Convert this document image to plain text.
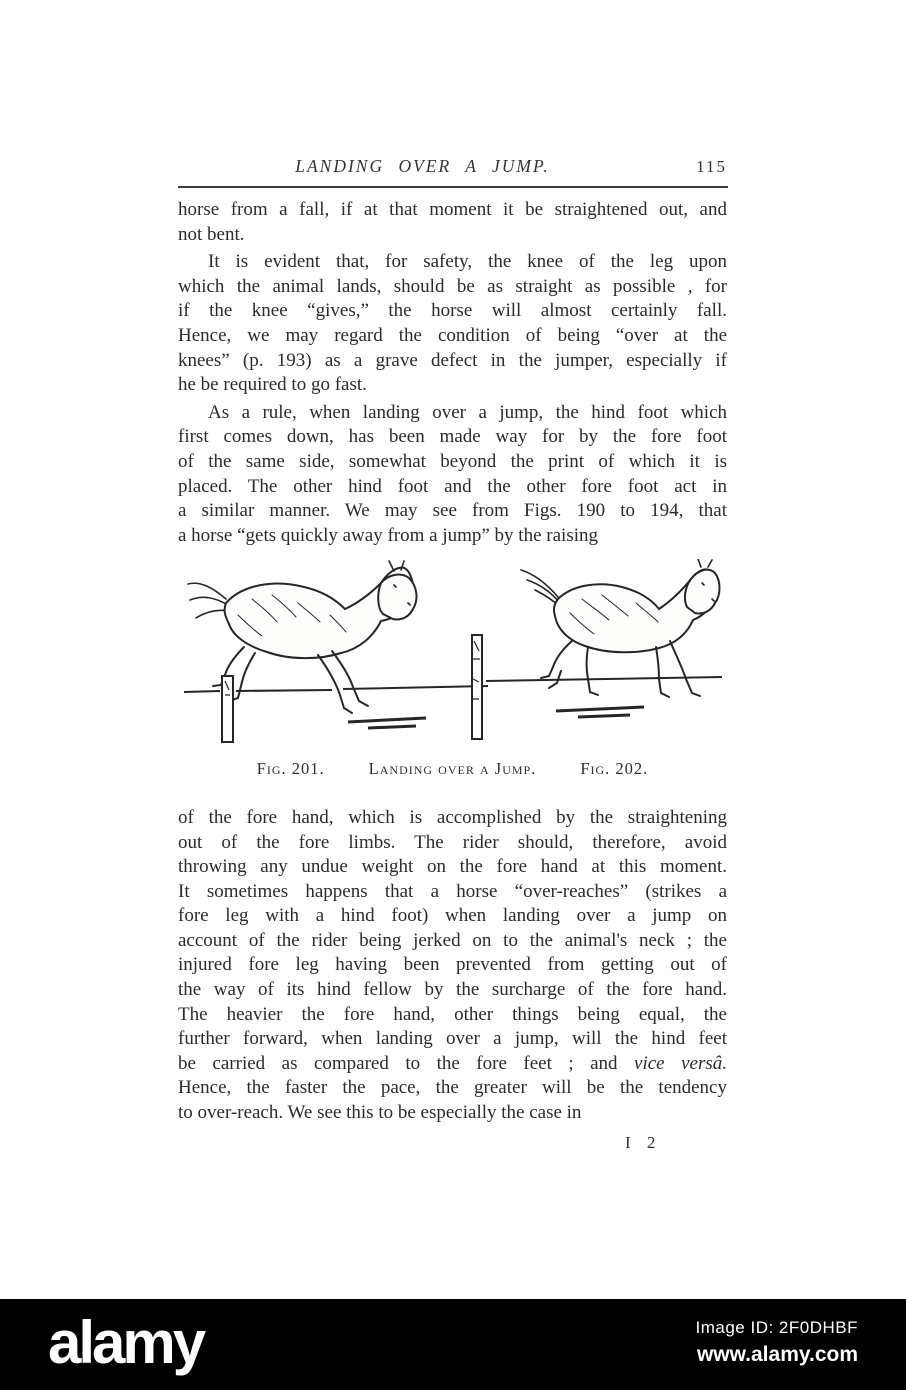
LANDING OVER A JUMP.	115
horse from a fall, if at that moment it be straightened out, and
not bent.
It is evident that, for safety, the knee of the leg upon
which the animal lands, should be as straight as possible , for
if the knee “gives,” the horse will almost certainly fall.
Hence, we may regard the condition of being “over at the
knees” (p. 193) as a grave defect in the jumper, especially if
he be required to go fast.
As a rule, when landing over a jump, the hind foot which
first comes down, has been made way for by the fore foot
of the same side, somewhat beyond the print of which it is
placed. The other hind foot and the other fore foot act in
a similar manner. We may see from Figs. 190 to 194, that
a horse “gets quickly away from a jump” by the raising
Fig. 201.	Landing over a Jump.	Fig. 202.
of the fore hand, which is accomplished by the straightening
out of the fore limbs. The rider should, therefore, avoid
throwing any undue weight on the fore hand at this moment.
It sometimes happens that a horse “over-reaches” (strikes a
fore leg with a hind foot) when landing over a jump on
account of the rider being jerked on to the animal's neck ; the
injured fore leg having been prevented from getting out of
the way of its hind fellow by the surcharge of the fore hand.
The heavier the fore hand, other things being equal, the
further forward, when landing over a jump, will the hind feet
be carried as compared to the fore feet ; and vice versâ.
Hence, the faster the pace, the greater will be the tendency
to over-reach. We see this to be especially the case in
I 2
alamy	Image ID: 2F0DHBF
www.alamy.com
